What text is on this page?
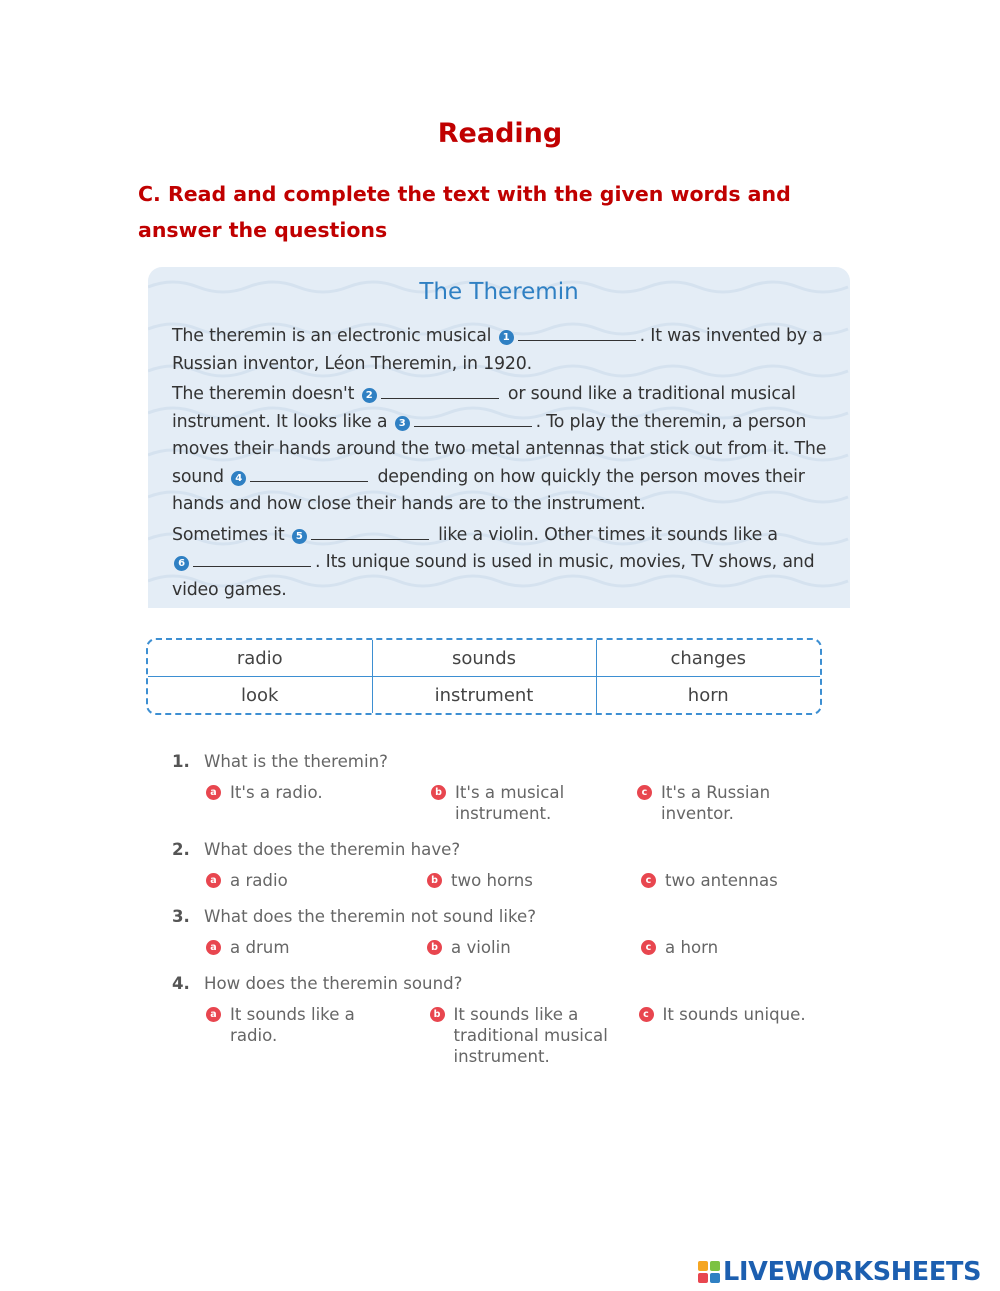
Reading
C. Read and complete the text with the given words and answer the questions
The Theremin

The theremin is an electronic musical 1	. It was invented by a Russian inventor, Léon Theremin, in 1920.

The theremin doesn't 2	or sound like a traditional musical instrument. It looks like a 3	. To play the theremin, a person moves their hands around the two metal antennas that stick out from it. The sound 4	depending on how quickly the person moves their hands and how close their hands are to the instrument.

Sometimes it 5	like a violin. Other times it sounds like a
6	. Its unique sound is used in music, movies, TV shows, and video games.

radio	sounds	changes
look	instrument	horn
1. What is the theremin?
a It's a radio.	b It's a musical instrument.
c It's a Russian inventor.
2. What does the theremin have?
a a radio	b two horns	c two antennas
3. What does the theremin not sound like?
a a drum	b a violin	c a horn
4. How does the theremin sound?
a It sounds like a radio.
b It sounds like a traditional musical instrument.
c It sounds unique.
LIVEWORKSHEETS
